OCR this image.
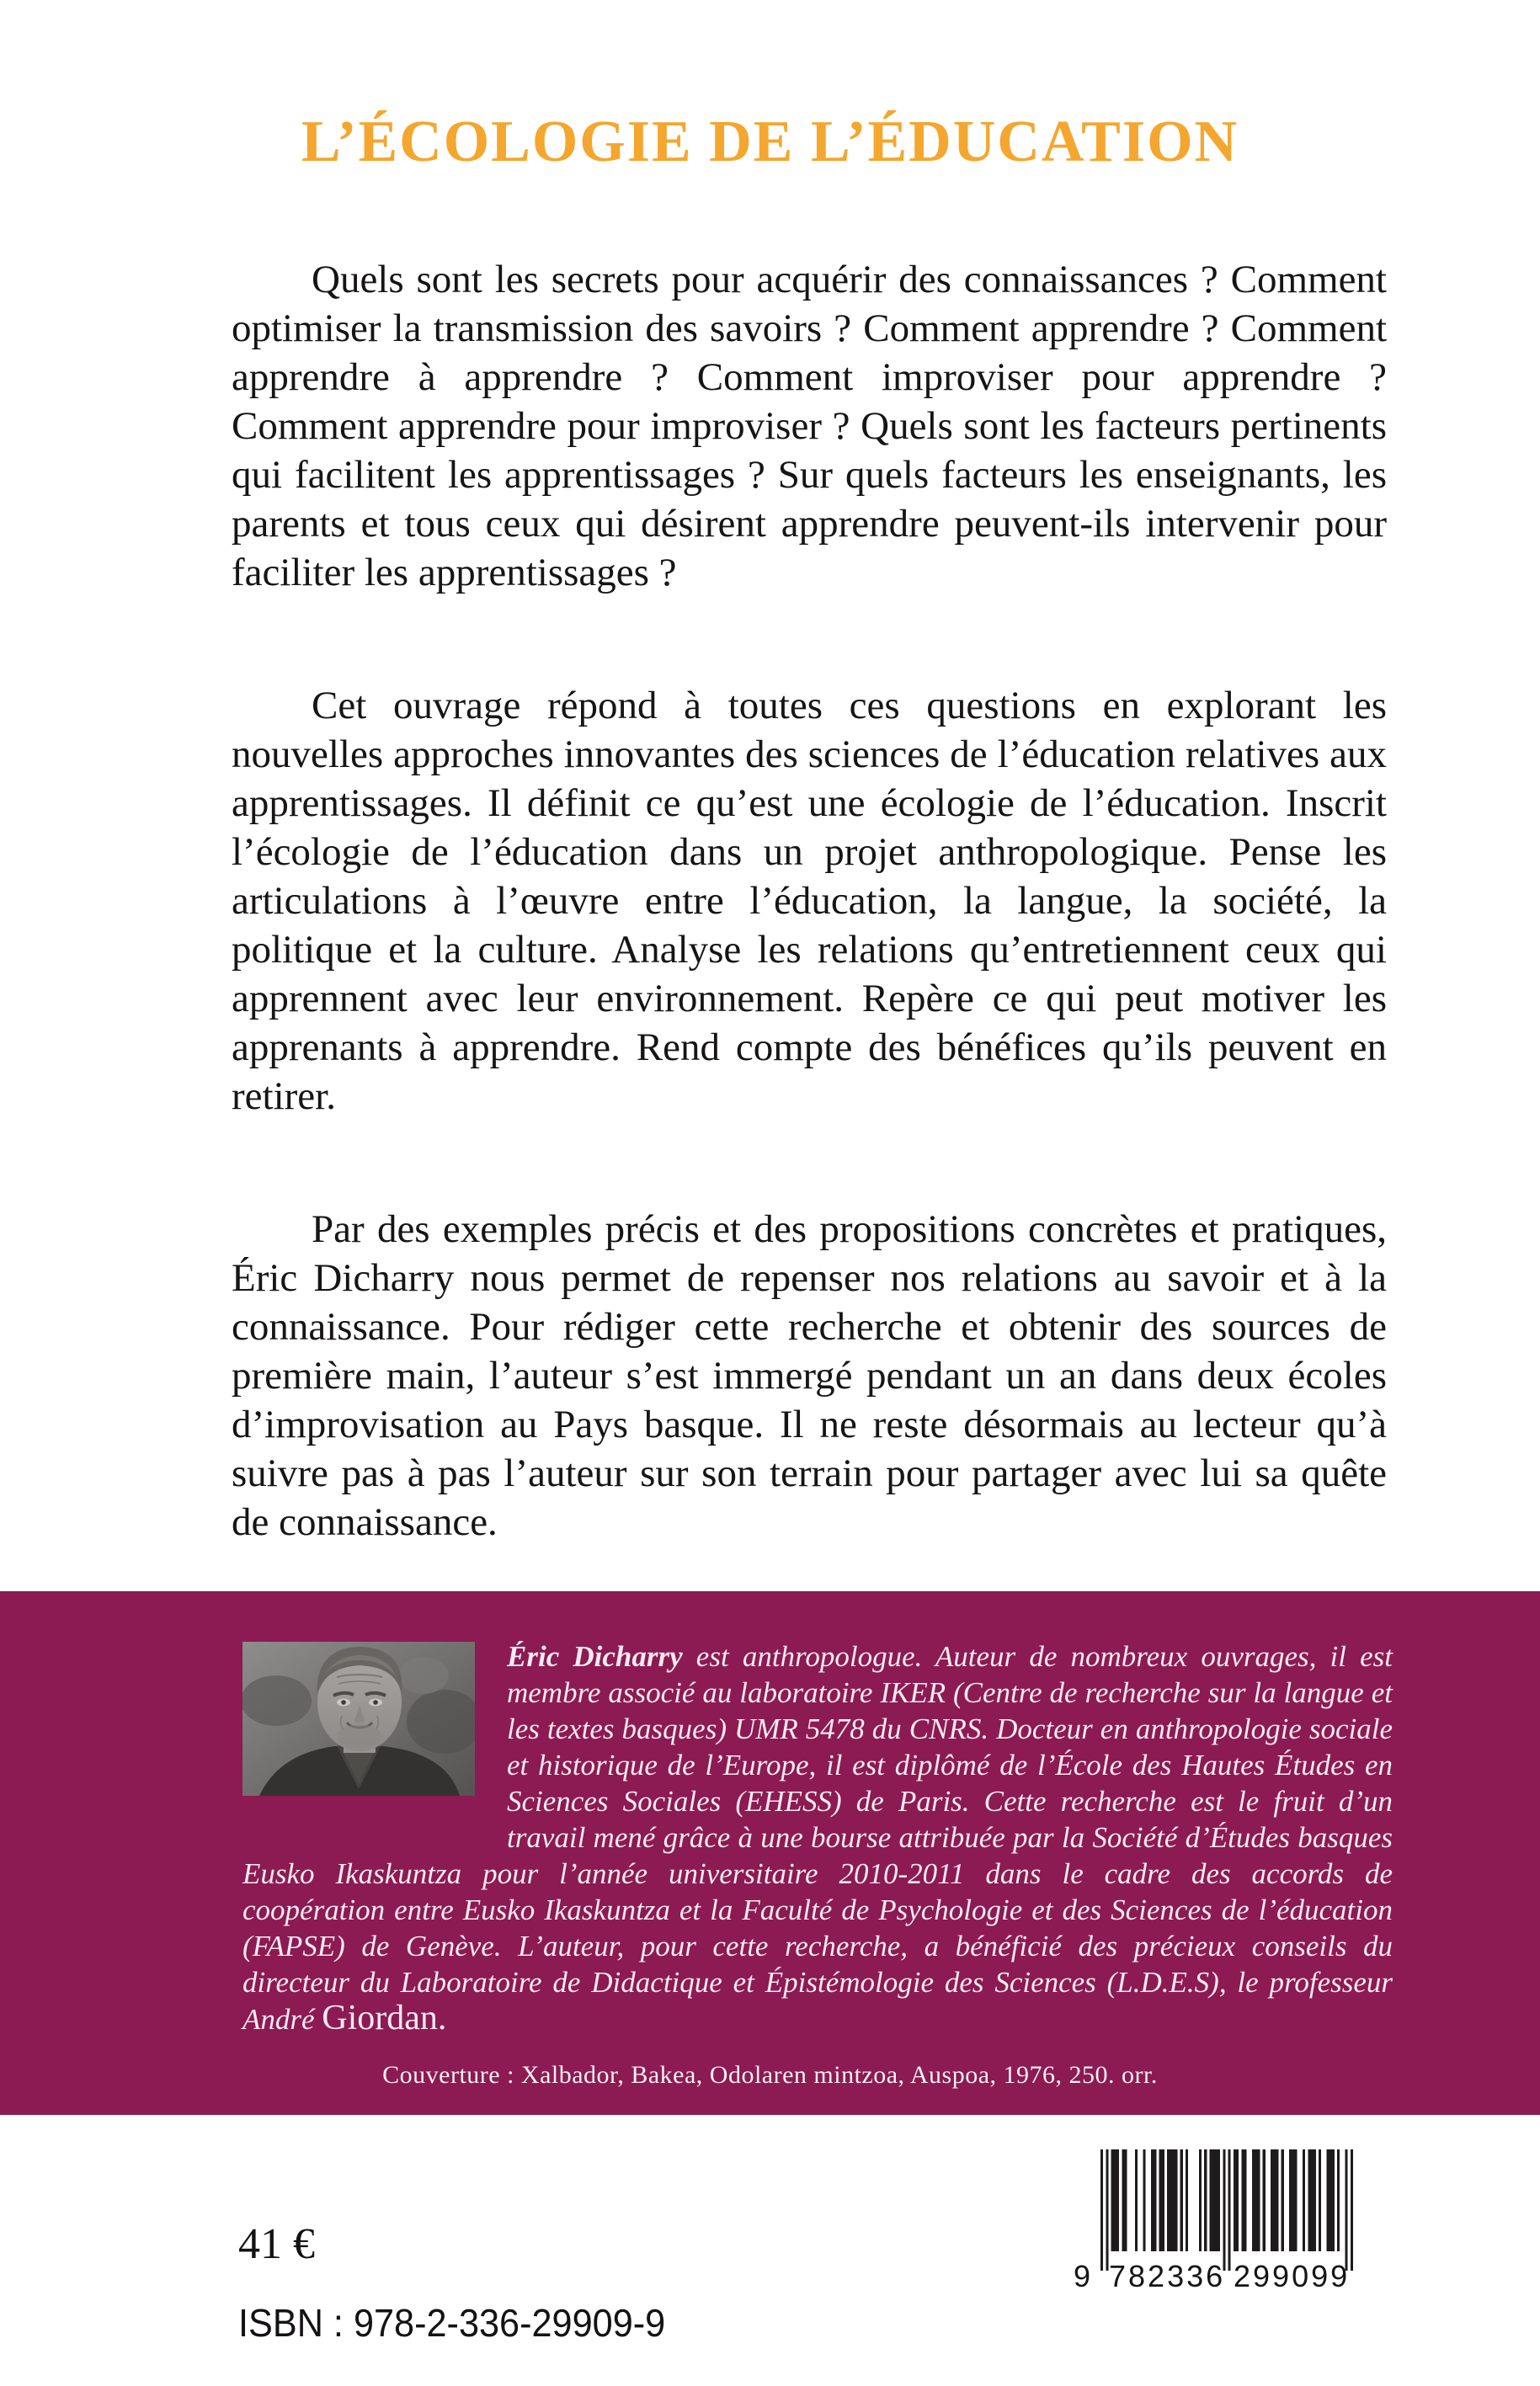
L’ÉCOLOGIE DE L’ÉDUCATION

Quels sont les secrets pour acquérir des connaissances ? Comment optimiser la transmission des savoirs ? Comment apprendre ? Comment apprendre à apprendre ? Comment improviser pour apprendre ? Comment apprendre pour improviser ? Quels sont les facteurs pertinents qui facilitent les apprentissages ? Sur quels facteurs les enseignants, les parents et tous ceux qui désirent apprendre peuvent-ils intervenir pour faciliter les apprentissages ?

Cet ouvrage répond à toutes ces questions en explorant les nouvelles approches innovantes des sciences de l’éducation relatives aux apprentissages. Il définit ce qu’est une écologie de l’éducation. Inscrit l’écologie de l’éducation dans un projet anthropologique. Pense les articulations à l’œuvre entre l’éducation, la langue, la société, la politique et la culture. Analyse les relations qu’entretiennent ceux qui apprennent avec leur environnement. Repère ce qui peut motiver les apprenants à apprendre. Rend compte des bénéfices qu’ils peuvent en retirer.

Par des exemples précis et des propositions concrètes et pratiques, Éric Dicharry nous permet de repenser nos relations au savoir et à la connaissance. Pour rédiger cette recherche et obtenir des sources de première main, l’auteur s’est immergé pendant un an dans deux écoles d’improvisation au Pays basque. Il ne reste désormais au lecteur qu’à suivre pas à pas l’auteur sur son terrain pour partager avec lui sa quête de connaissance.

Éric Dicharry est anthropologue. Auteur de nombreux ouvrages, il est membre associé au laboratoire IKER (Centre de recherche sur la langue et les textes basques) UMR 5478 du CNRS. Docteur en anthropologie sociale et historique de l’Europe, il est diplômé de l’École des Hautes Études en Sciences Sociales (EHESS) de Paris. Cette recherche est le fruit d’un travail mené grâce à une bourse attribuée par la Société d’Études basques Eusko Ikaskuntza pour l’année universitaire 2010-2011 dans le cadre des accords de coopération entre Eusko Ikaskuntza et la Faculté de Psychologie et des Sciences de l’éducation (FAPSE) de Genève. L’auteur, pour cette recherche, a bénéficié des précieux conseils du directeur du Laboratoire de Didactique et Épistémologie des Sciences (L.D.E.S), le professeur André Giordan.

Couverture : Xalbador, Bakea, Odolaren mintzoa, Auspoa, 1976, 250. orr.
41 €
ISBN : 978-2-336-29909-9
9 782336 299099
